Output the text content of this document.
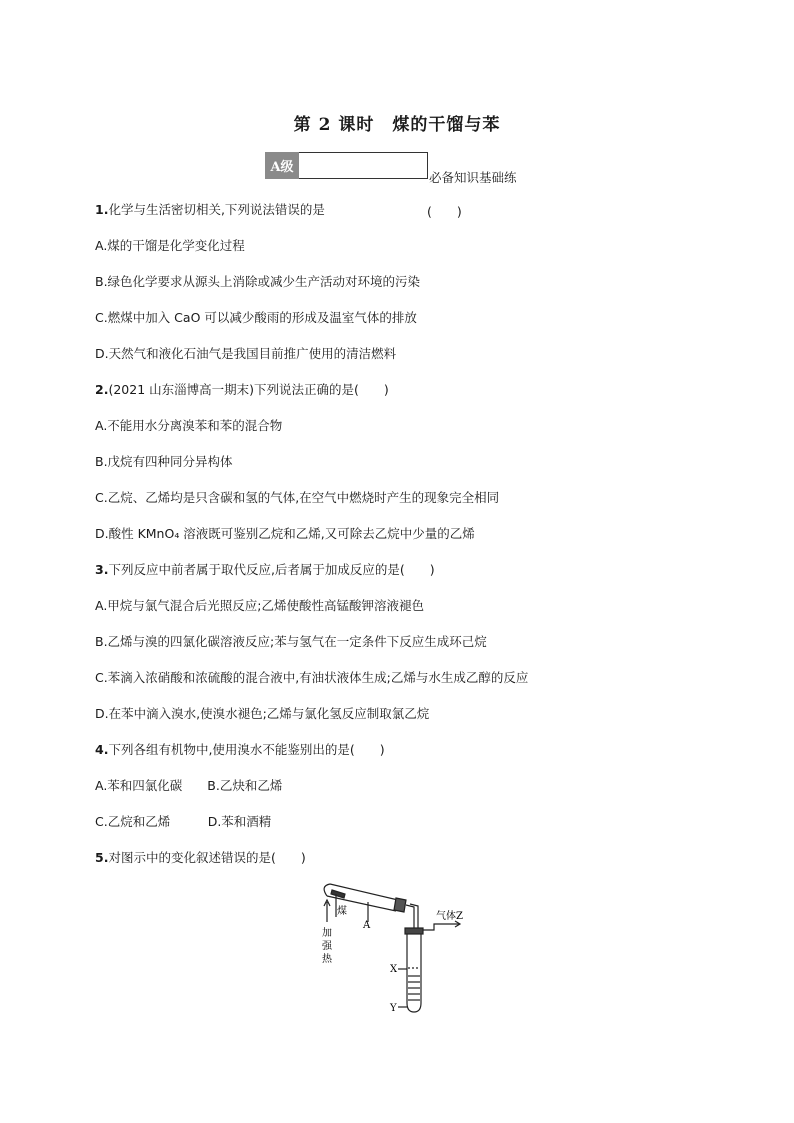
第 2 课时　煤的干馏与苯
A级
必备知识基础练
1.化学与生活密切相关,下列说法错误的是	(　　)
A.煤的干馏是化学变化过程
B.绿色化学要求从源头上消除或减少生产活动对环境的污染
C.燃煤中加入 CaO 可以减少酸雨的形成及温室气体的排放
D.天然气和液化石油气是我国目前推广使用的清洁燃料
2.(2021 山东淄博高一期末)下列说法正确的是(　　)
A.不能用水分离溴苯和苯的混合物
B.戊烷有四种同分异构体
C.乙烷、乙烯均是只含碳和氢的气体,在空气中燃烧时产生的现象完全相同
D.酸性 KMnO₄ 溶液既可鉴别乙烷和乙烯,又可除去乙烷中少量的乙烯
3.下列反应中前者属于取代反应,后者属于加成反应的是(　　)
A.甲烷与氯气混合后光照反应;乙烯使酸性高锰酸钾溶液褪色
B.乙烯与溴的四氯化碳溶液反应;苯与氢气在一定条件下反应生成环己烷
C.苯滴入浓硝酸和浓硫酸的混合液中,有油状液体生成;乙烯与水生成乙醇的反应
D.在苯中滴入溴水,使溴水褪色;乙烯与氯化氢反应制取氯乙烷
4.下列各组有机物中,使用溴水不能鉴别出的是(　　)
A.苯和四氯化碳　　B.乙炔和乙烯
C.乙烷和乙烯　　　D.苯和酒精
5.对图示中的变化叙述错误的是(　　)
煤
A
气体Z
加
强
热
X
Y
